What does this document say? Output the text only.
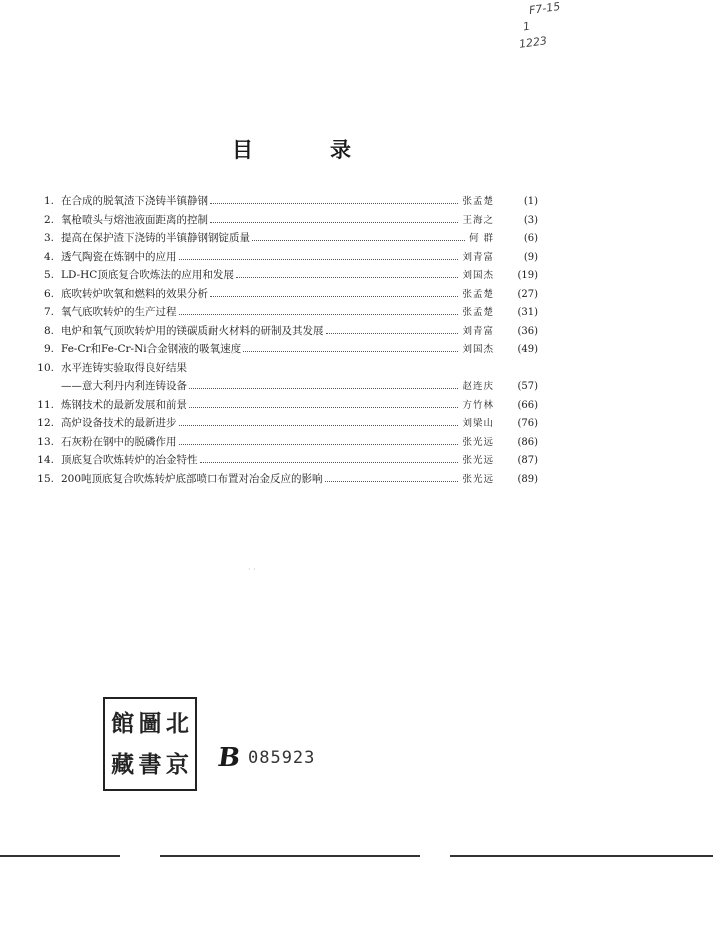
F7-15
1
1223
目	录
1. 在合成的脱氧渣下浇铸半镇静钢	张孟楚	(1)
2. 氧枪喷头与熔池液面距离的控制	王海之	(3)
3. 提高在保护渣下浇铸的半镇静钢钢锭质量	何 群	(6)
4. 透气陶瓷在炼钢中的应用	刘青富	(9)
5. LD-HC顶底复合吹炼法的应用和发展	刘国杰	(19)
6. 底吹转炉吹氧和燃料的效果分析	张孟楚	(27)
7. 氧气底吹转炉的生产过程	张孟楚	(31)
8. 电炉和氧气顶吹转炉用的镁碳质耐火材料的研制及其发展	刘青富	(36)
9. Fe-Cr和Fe-Cr-Ni合金钢液的吸氧速度	刘国杰	(49)
10. 水平连铸实验取得良好结果
——意大利丹内利连铸设备	赵连庆	(57)
11. 炼钢技术的最新发展和前景	方竹林	(66)
12. 高炉设备技术的最新进步	刘梁山	(76)
13. 石灰粉在钢中的脱磷作用	张光远	(86)
14. 顶底复合吹炼转炉的冶金特性	张光远	(87)
15. 200吨顶底复合吹炼转炉底部喷口布置对冶金反应的影响	张光远	(89)
· ·
館 圖 北
藏 書 京 B 085923
